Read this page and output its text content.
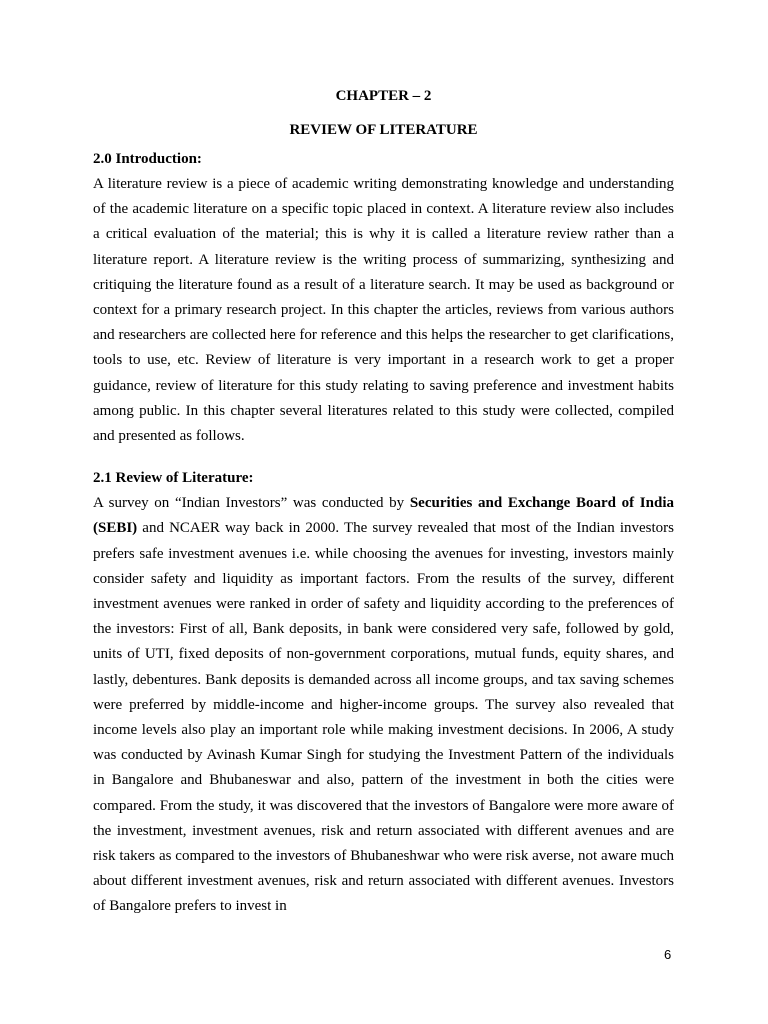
CHAPTER – 2
REVIEW OF LITERATURE
2.0 Introduction:

A literature review is a piece of academic writing demonstrating knowledge and understanding of the academic literature on a specific topic placed in context. A literature review also includes a critical evaluation of the material; this is why it is called a literature review rather than a literature report. A literature review is the writing process of summarizing, synthesizing and critiquing the literature found as a result of a literature search. It may be used as background or context for a primary research project. In this chapter the articles, reviews from various authors and researchers are collected here for reference and this helps the researcher to get clarifications, tools to use, etc. Review of literature is very important in a research work to get a proper guidance, review of literature for this study relating to saving preference and investment habits among public. In this chapter several literatures related to this study were collected, compiled and presented as follows.

2.1 Review of Literature:

A survey on “Indian Investors” was conducted by Securities and Exchange Board of India (SEBI) and NCAER way back in 2000. The survey revealed that most of the Indian investors prefers safe investment avenues i.e. while choosing the avenues for investing, investors mainly consider safety and liquidity as important factors. From the results of the survey, different investment avenues were ranked in order of safety and liquidity according to the preferences of the investors: First of all, Bank deposits, in bank were considered very safe, followed by gold, units of UTI, fixed deposits of non-government corporations, mutual funds, equity shares, and lastly, debentures. Bank deposits is demanded across all income groups, and tax saving schemes were preferred by middle-income and higher-income groups. The survey also revealed that income levels also play an important role while making investment decisions. In 2006, A study was conducted by Avinash Kumar Singh for studying the Investment Pattern of the individuals in Bangalore and Bhubaneswar and also, pattern of the investment in both the cities were compared. From the study, it was discovered that the investors of Bangalore were more aware of the investment, investment avenues, risk and return associated with different avenues and are risk takers as compared to the investors of Bhubaneshwar who were risk averse, not aware much about different investment avenues, risk and return associated with different avenues. Investors of Bangalore prefers to invest in

6
